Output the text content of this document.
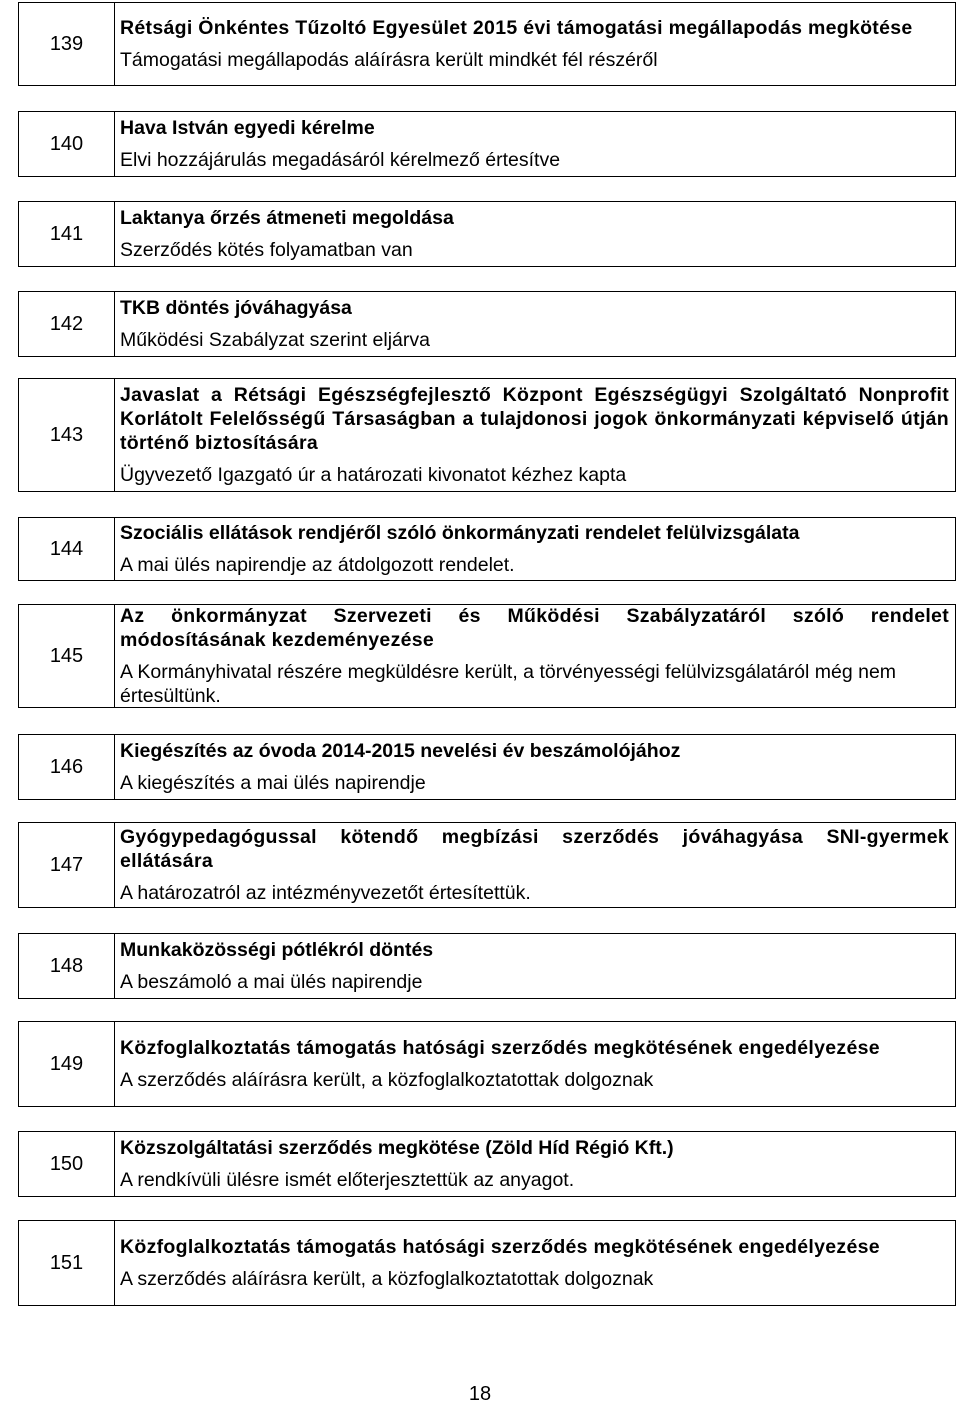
139
Rétsági Önkéntes Tűzoltó Egyesület 2015 évi támogatási megállapodás megkötése
Támogatási megállapodás aláírásra került mindkét fél részéről
140
Hava István egyedi kérelme
Elvi hozzájárulás megadásáról kérelmező értesítve
141
Laktanya őrzés átmeneti megoldása
Szerződés kötés folyamatban van
142
TKB döntés jóváhagyása
Működési Szabályzat szerint eljárva
143
Javaslat a Rétsági Egészségfejlesztő Központ Egészségügyi Szolgáltató Nonprofit Korlátolt Felelősségű Társaságban a tulajdonosi jogok önkormányzati képviselő útján történő biztosítására
Ügyvezető Igazgató úr a határozati kivonatot kézhez kapta
144
Szociális ellátások rendjéről szóló önkormányzati rendelet felülvizsgálata
A mai ülés napirendje az átdolgozott rendelet.
145
Az önkormányzat Szervezeti és Működési Szabályzatáról szóló rendelet módosításának kezdeményezése
A Kormányhivatal részére megküldésre került, a törvényességi felülvizsgálatáról még nem értesültünk.
146
Kiegészítés az óvoda 2014-2015 nevelési év beszámolójához
A kiegészítés a mai ülés napirendje
147
Gyógypedagógussal kötendő megbízási szerződés jóváhagyása SNI-gyermek ellátására
A határozatról az intézményvezetőt értesítettük.
148
Munkaközösségi pótlékról döntés
A beszámoló a mai ülés napirendje
149
Közfoglalkoztatás támogatás hatósági szerződés megkötésének engedélyezése
A szerződés aláírásra került, a közfoglalkoztatottak dolgoznak
150
Közszolgáltatási szerződés megkötése (Zöld Híd Régió Kft.)
A rendkívüli ülésre ismét előterjesztettük az anyagot.
151
Közfoglalkoztatás támogatás hatósági szerződés megkötésének engedélyezése
A szerződés aláírásra került, a közfoglalkoztatottak dolgoznak
18
